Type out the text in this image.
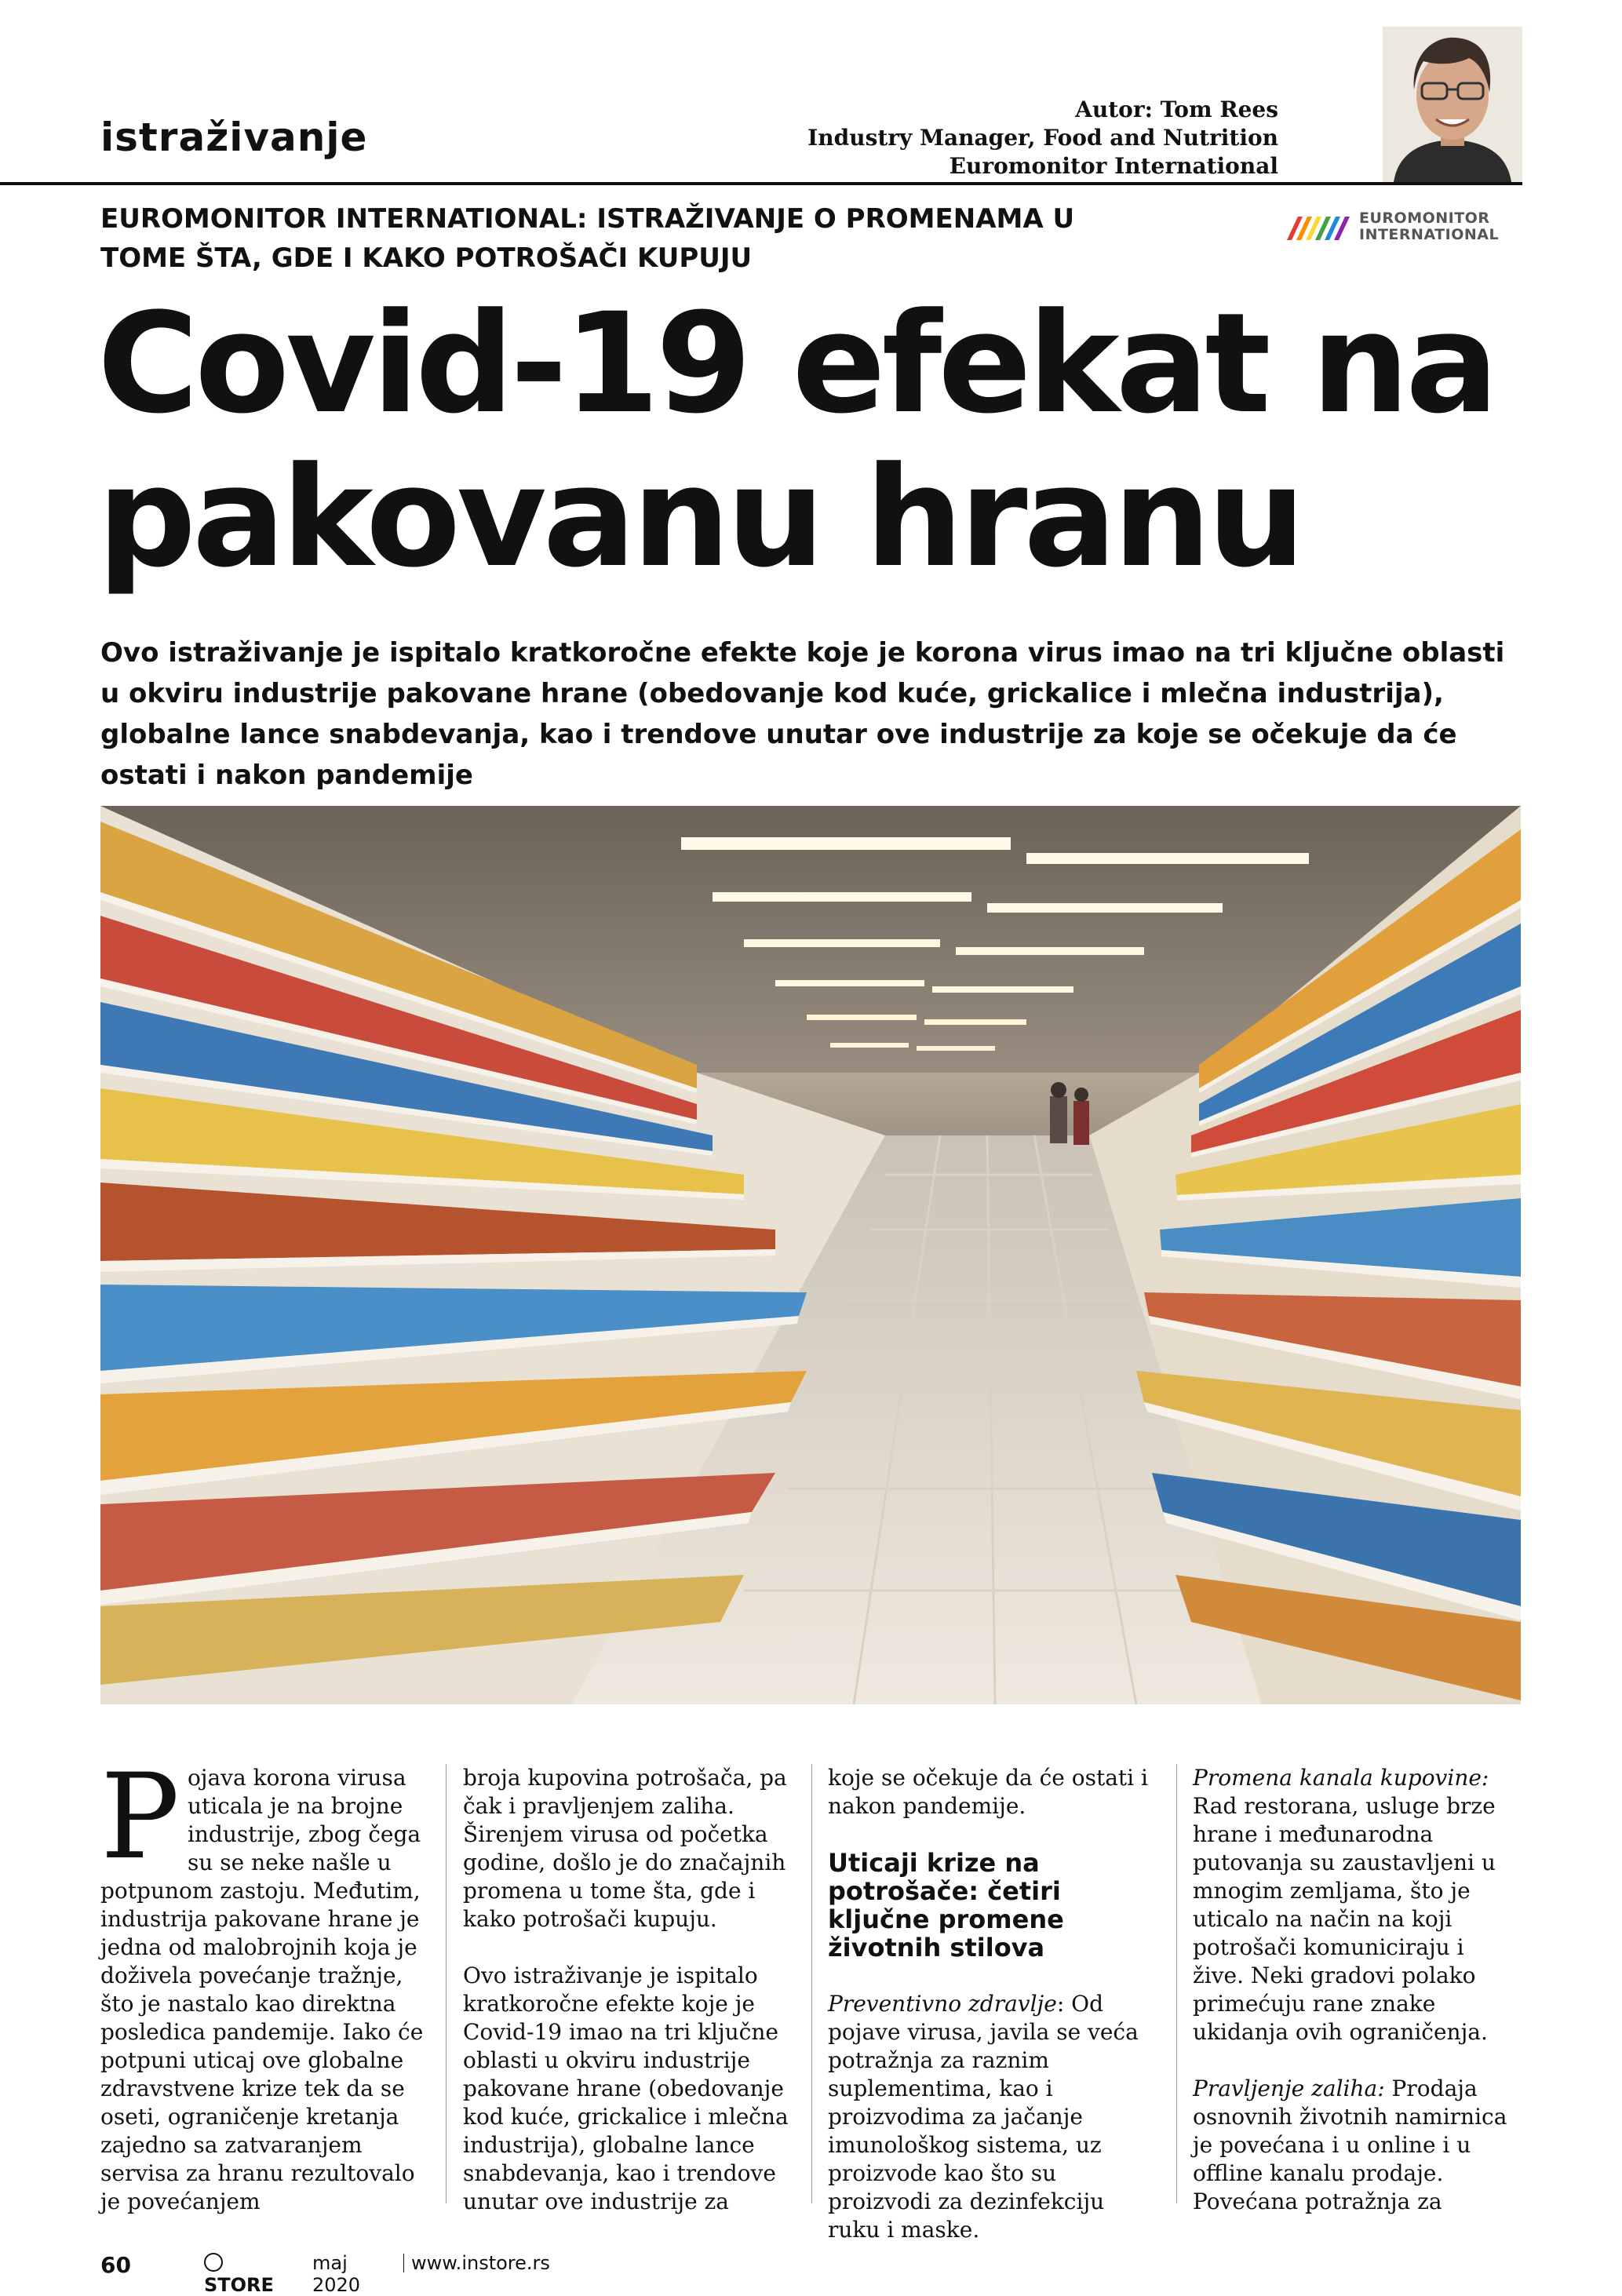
istraživanje
Autor: Tom Rees
Industry Manager, Food and Nutrition
Euromonitor International
EUROMONITOR INTERNATIONAL: ISTRAŽIVANJE O PROMENAMA U TOME ŠTA, GDE I KAKO POTROŠAČI KUPUJU
EUROMONITOR
INTERNATIONAL
Covid-19 efekat na
pakovanu hranu
Ovo istraživanje je ispitalo kratkoročne efekte koje je korona virus imao na tri ključne oblasti u okviru industrije pakovane hrane (obedovanje kod kuće, grickalice i mlečna industrija), globalne lance snabdevanja, kao i trendove unutar ove industrije za koje se očekuje da će ostati i nakon pandemije
P ojava korona virusa uticala je na brojne industrije, zbog čega su se neke našle u potpunom zastoju. Međutim, industrija pakovane hrane je jedna od malobrojnih koja je doživela povećanje tražnje, što je nastalo kao direktna posledica pandemije. Iako će potpuni uticaj ove globalne zdravstvene krize tek da se oseti, ograničenje kretanja zajedno sa zatvaranjem servisa za hranu rezultovalo je povećanjem

broja kupovina potrošača, pa čak i pravljenjem zaliha. Širenjem virusa od početka godine, došlo je do značajnih promena u tome šta, gde i kako potrošači kupuju.

Ovo istraživanje je ispitalo kratkoročne efekte koje je Covid-19 imao na tri ključne oblasti u okviru industrije pakovane hrane (obedovanje kod kuće, grickalice i mlečna industrija), globalne lance snabdevanja, kao i trendove unutar ove industrije za

koje se očekuje da će ostati i nakon pandemije.

Uticaji krize na potrošače: četiri ključne promene životnih stilova

Preventivno zdravlje: Od pojave virusa, javila se veća potražnja za raznim suplementima, kao i proizvodima za jačanje imunološkog sistema, uz proizvode kao što su proizvodi za dezinfekciju ruku i maske.

Promena kanala kupovine: Rad restorana, usluge brze hrane i međunarodna putovanja su zaustavljeni u mnogim zemljama, što je uticalo na način na koji potrošači komuniciraju i žive. Neki gradovi polako primećuju rane znake ukidanja ovih ograničenja.

Pravljenje zaliha: Prodaja osnovnih životnih namirnica je povećana i u online i u offline kanalu prodaje. Povećana potražnja za

60
STORE
maj 2020
www.instore.rs
